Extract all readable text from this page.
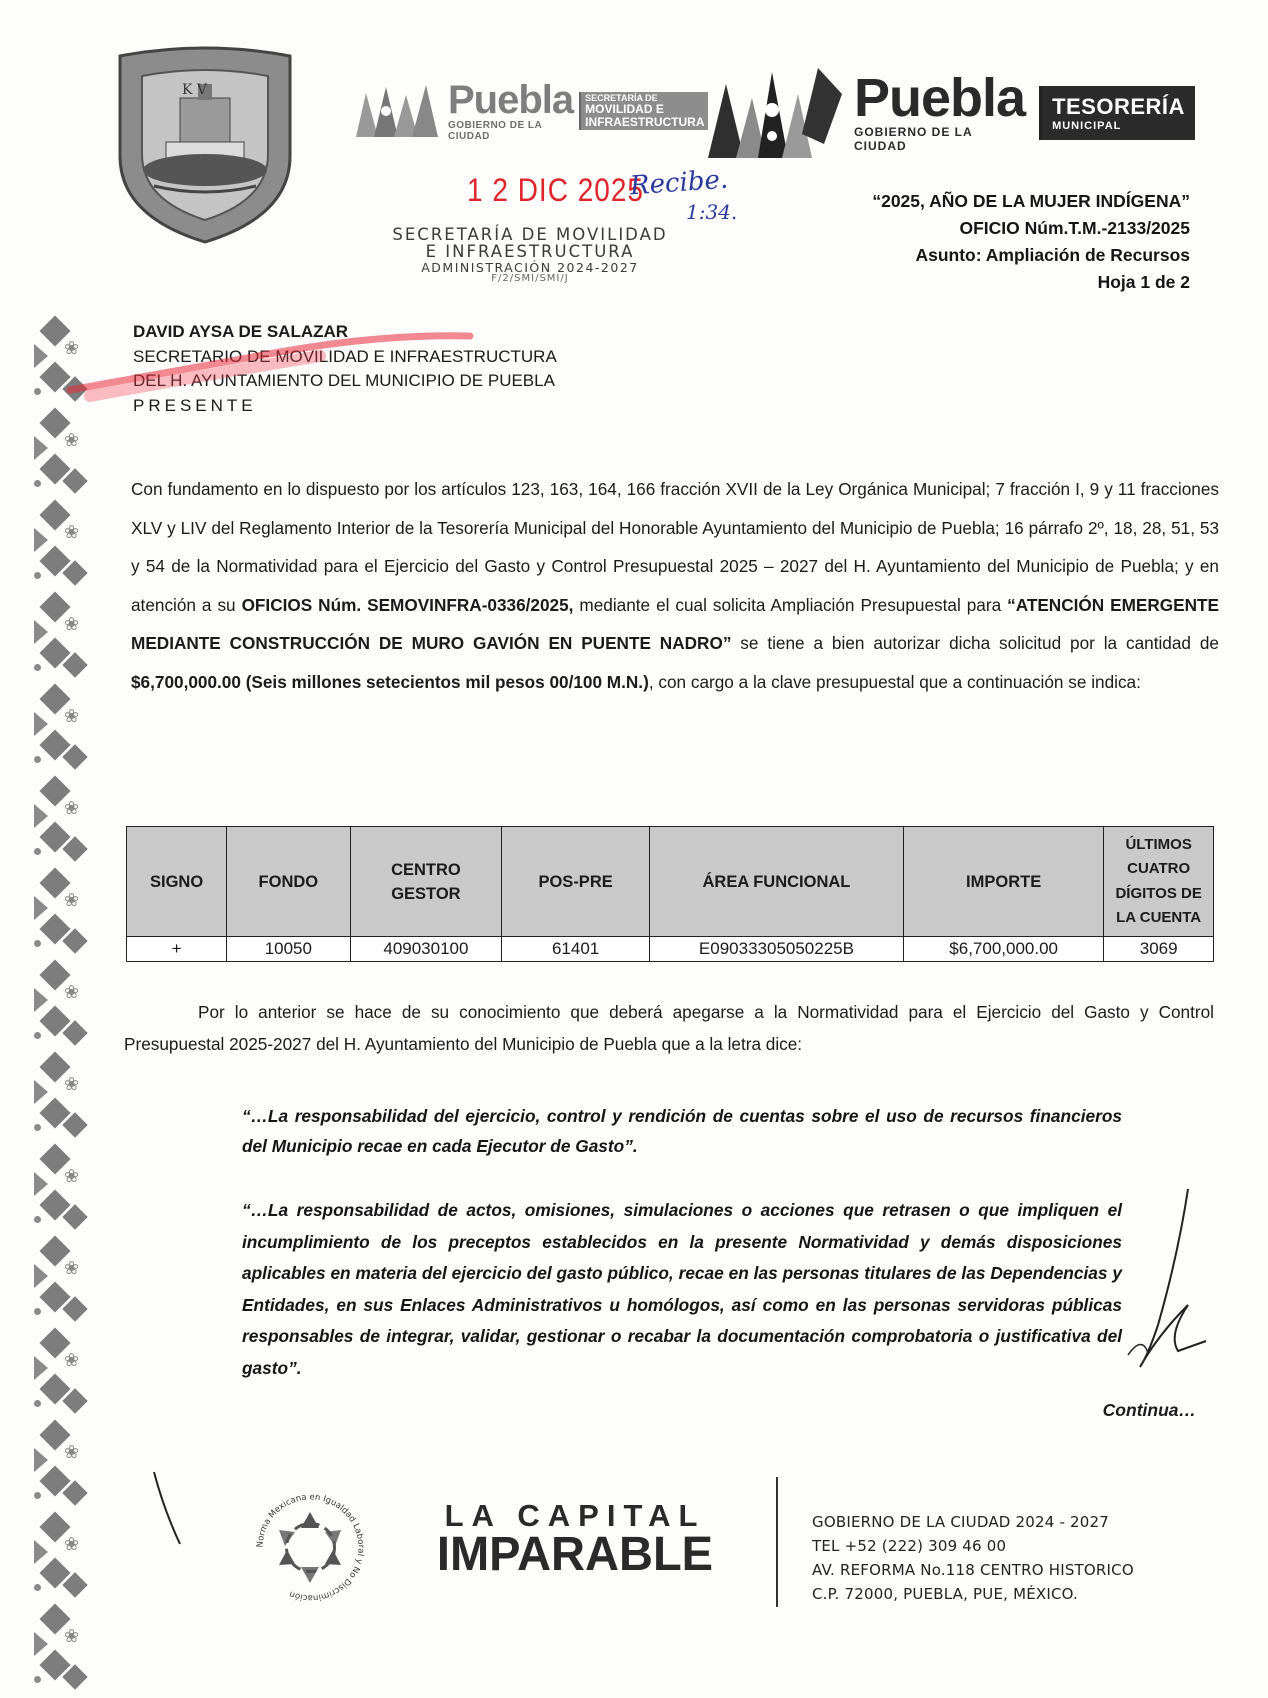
❀
❀
❀
❀
❀
❀
❀
❀
❀
❀
❀
❀
❀
❀
❀
K V	Puebla
GOBIERNO DE LA CIUDAD
SECRETARÍA DE
MOVILIDAD E
INFRAESTRUCTURA	Puebla
GOBIERNO DE LA CIUDAD
TESORERÍA
MUNICIPAL
1 2 DIC 2025
Recibe.
1:34.
SECRETARÍA DE MOVILIDAD
E INFRAESTRUCTURA
ADMINISTRACIÓN 2024-2027
F/2/SMI/SMI/J
“2025, AÑO DE LA MUJER INDÍGENA”
OFICIO Núm.T.M.-2133/2025
Asunto: Ampliación de Recursos
Hoja 1 de 2
DAVID AYSA DE SALAZAR
SECRETARIO DE MOVILIDAD E INFRAESTRUCTURA
DEL H. AYUNTAMIENTO DEL MUNICIPIO DE PUEBLA
PRESENTE
Con fundamento en lo dispuesto por los artículos 123, 163, 164, 166 fracción XVII de la Ley Orgánica Municipal; 7 fracción I, 9 y 11 fracciones XLV y LIV del Reglamento Interior de la Tesorería Municipal del Honorable Ayuntamiento del Municipio de Puebla; 16 párrafo 2º, 18, 28, 51, 53 y 54 de la Normatividad para el Ejercicio del Gasto y Control Presupuestal 2025 – 2027 del H. Ayuntamiento del Municipio de Puebla; y en atención a su OFICIOS Núm. SEMOVINFRA-0336/2025, mediante el cual solicita Ampliación Presupuestal para “ATENCIÓN EMERGENTE MEDIANTE CONSTRUCCIÓN DE MURO GAVIÓN EN PUENTE NADRO” se tiene a bien autorizar dicha solicitud por la cantidad de $6,700,000.00 (Seis millones setecientos mil pesos 00/100 M.N.), con cargo a la clave presupuestal que a continuación se indica:
SIGNO	FONDO	CENTRO GESTOR	POS-PRE	ÁREA FUNCIONAL	IMPORTE	ÚLTIMOS CUATRO DÍGITOS DE LA CUENTA
+	10050	409030100	61401	E09033305050225B	$6,700,000.00	3069
Por lo anterior se hace de su conocimiento que deberá apegarse a la Normatividad para el Ejercicio del Gasto y Control Presupuestal 2025-2027 del H. Ayuntamiento del Municipio de Puebla que a la letra dice:
“…La responsabilidad del ejercicio, control y rendición de cuentas sobre el uso de recursos financieros del Municipio recae en cada Ejecutor de Gasto”.
“…La responsabilidad de actos, omisiones, simulaciones o acciones que retrasen o que impliquen el incumplimiento de los preceptos establecidos en la presente Normatividad y demás disposiciones aplicables en materia del ejercicio del gasto público, recae en las personas titulares de las Dependencias y Entidades, en sus Enlaces Administrativos u homólogos, así como en las personas servidoras públicas responsables de integrar, validar, gestionar o recabar la documentación comprobatoria o justificativa del gasto”.
Continua…
Norma Mexicana en Igualdad Laboral y No Discriminación
LA CAPITAL
IMPARABLE
GOBIERNO DE LA CIUDAD 2024 - 2027
TEL +52 (222) 309 46 00
AV. REFORMA No.118 CENTRO HISTORICO
C.P. 72000, PUEBLA, PUE, MÉXICO.
